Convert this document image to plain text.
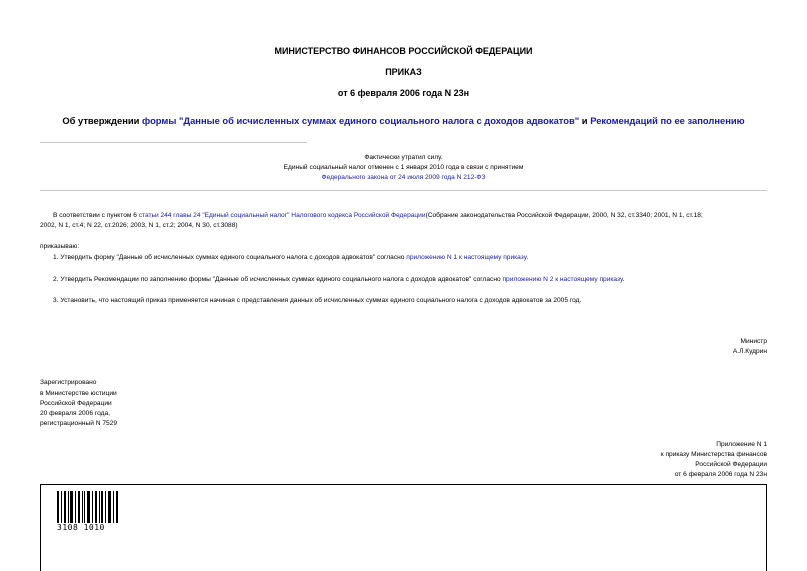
МИНИСТЕРСТВО ФИНАНСОВ РОССИЙСКОЙ ФЕДЕРАЦИИ
ПРИКАЗ
от 6 февраля 2006 года N 23н
Об утверждении формы "Данные об исчисленных суммах единого социального налога с доходов адвокатов" и Рекомендаций по ее заполнению
Фактически утратил силу.
Единый социальный налог отменен с 1 января 2010 года в связи с принятием
Федерального закона от 24 июля 2009 года N 212-ФЗ
В соответствии с пунктом 6 статьи 244 главы 24 "Единый социальный налог" Налогового кодекса Российской Федерации(Собрание законодательства Российской Федерации, 2000, N 32, ст.3340; 2001, N 1, ст.18;
2002, N 1, ст.4; N 22, ст.2026; 2003, N 1, ст.2; 2004, N 30, ст.3088)
приказываю:
1. Утвердить форму "Данные об исчисленных суммах единого социального налога с доходов адвокатов" согласно приложению N 1 к настоящему приказу.
2. Утвердить Рекомендации по заполнению формы "Данные об исчисленных суммах единого социального налога с доходов адвокатов" согласно приложению N 2 к настоящему приказу.
3. Установить, что настоящий приказ применяется начиная с представления данных об исчисленных суммах единого социального налога с доходов адвокатов за 2005 год.
Министр
А.Л.Кудрин
Зарегистрировано
в Министерстве юстиции
Российской Федерации
20 февраля 2006 года,
регистрационный N 7529
Приложение N 1
к приказу Министерства финансов
Российской Федерации
от 6 февраля 2006 года N 23н
3108 1010
